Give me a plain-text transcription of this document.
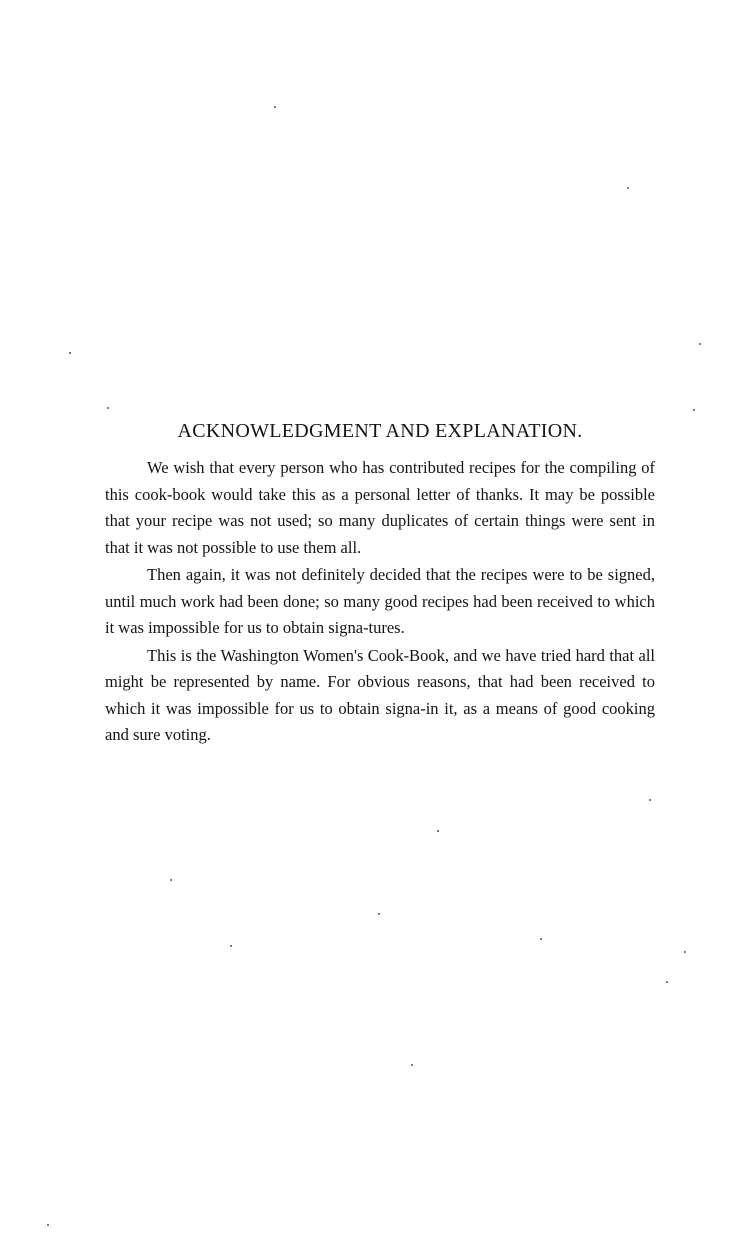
ACKNOWLEDGMENT AND EXPLANATION.

We wish that every person who has contributed recipes for the compiling of this cook-book would take this as a personal letter of thanks. It may be possible that your recipe was not used; so many duplicates of certain things were sent in that it was not possible to use them all.

Then again, it was not definitely decided that the recipes were to be signed, until much work had been done; so many good recipes had been received to which it was impossible for us to obtain signa-tures.

This is the Washington Women's Cook-Book, and we have tried hard that all might be represented by name. For obvious reasons, that had been received to which it was impossible for us to obtain signa-in it, as a means of good cooking and sure voting.
